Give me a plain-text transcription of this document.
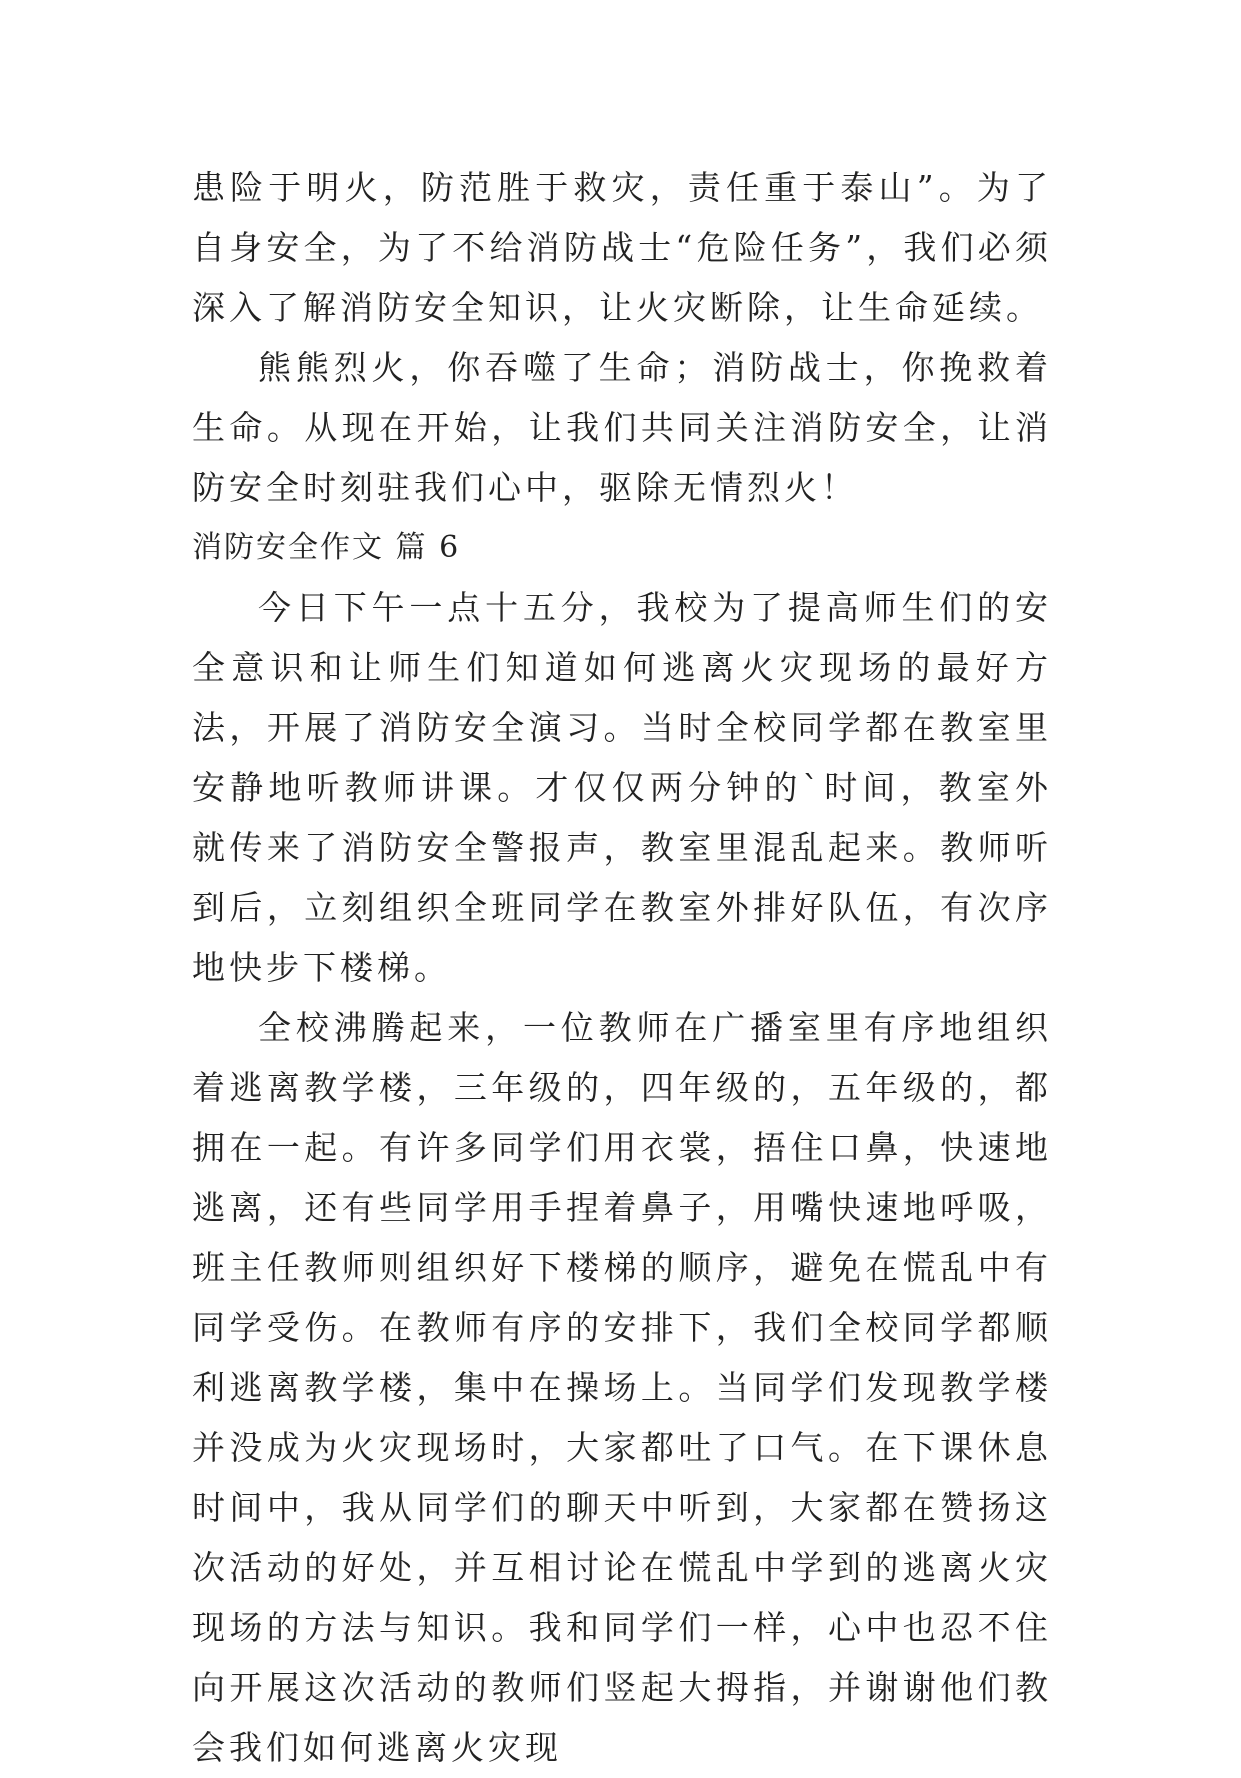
患险于明火，防范胜于救灾，责任重于泰山”。为了自身安全，为了不给消防战士“危险任务”，我们必须深入了解消防安全知识，让火灾断除，让生命延续。

熊熊烈火，你吞噬了生命；消防战士，你挽救着生命。从现在开始，让我们共同关注消防安全，让消防安全时刻驻我们心中，驱除无情烈火！

消防安全作文 篇 6

今日下午一点十五分，我校为了提高师生们的安全意识和让师生们知道如何逃离火灾现场的最好方法，开展了消防安全演习。当时全校同学都在教室里安静地听教师讲课。才仅仅两分钟的`时间，教室外就传来了消防安全警报声，教室里混乱起来。教师听到后，立刻组织全班同学在教室外排好队伍，有次序地快步下楼梯。

全校沸腾起来，一位教师在广播室里有序地组织着逃离教学楼，三年级的，四年级的，五年级的，都拥在一起。有许多同学们用衣裳，捂住口鼻，快速地逃离，还有些同学用手捏着鼻子，用嘴快速地呼吸，班主任教师则组织好下楼梯的顺序，避免在慌乱中有同学受伤。在教师有序的安排下，我们全校同学都顺利逃离教学楼，集中在操场上。当同学们发现教学楼并没成为火灾现场时，大家都吐了口气。在下课休息时间中，我从同学们的聊天中听到，大家都在赞扬这次活动的好处，并互相讨论在慌乱中学到的逃离火灾现场的方法与知识。我和同学们一样，心中也忍不住向开展这次活动的教师们竖起大拇指，并谢谢他们教会我们如何逃离火灾现
